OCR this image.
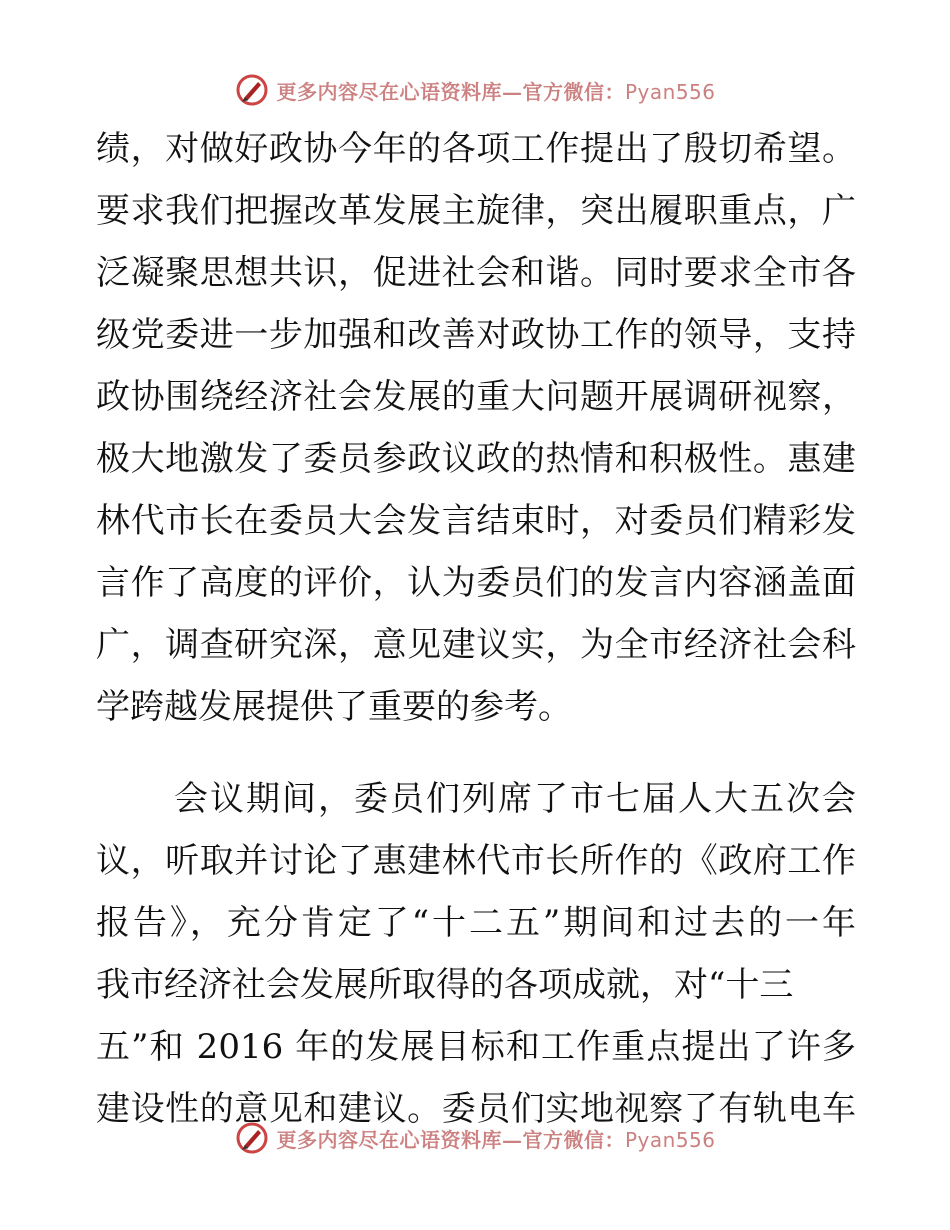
更多内容尽在心语资料库—官方微信：Pyan556
绩，对做好政协今年的各项工作提出了殷切希望。
要求我们把握改革发展主旋律，突出履职重点，广
泛凝聚思想共识，促进社会和谐。同时要求全市各
级党委进一步加强和改善对政协工作的领导，支持
政协围绕经济社会发展的重大问题开展调研视察，
极大地激发了委员参政议政的热情和积极性。惠建
林代市长在委员大会发言结束时，对委员们精彩发
言作了高度的评价，认为委员们的发言内容涵盖面
广，调查研究深，意见建议实，为全市经济社会科
学跨越发展提供了重要的参考。
会议期间，委员们列席了市七届人大五次会
议，听取并讨论了惠建林代市长所作的《政府工作
报告》，充分肯定了“十二五”期间和过去的一年
我市经济社会发展所取得的各项成就，对“十三
五”和 2016 年的发展目标和工作重点提出了许多
建设性的意见和建议。委员们实地视察了有轨电车
更多内容尽在心语资料库—官方微信：Pyan556
